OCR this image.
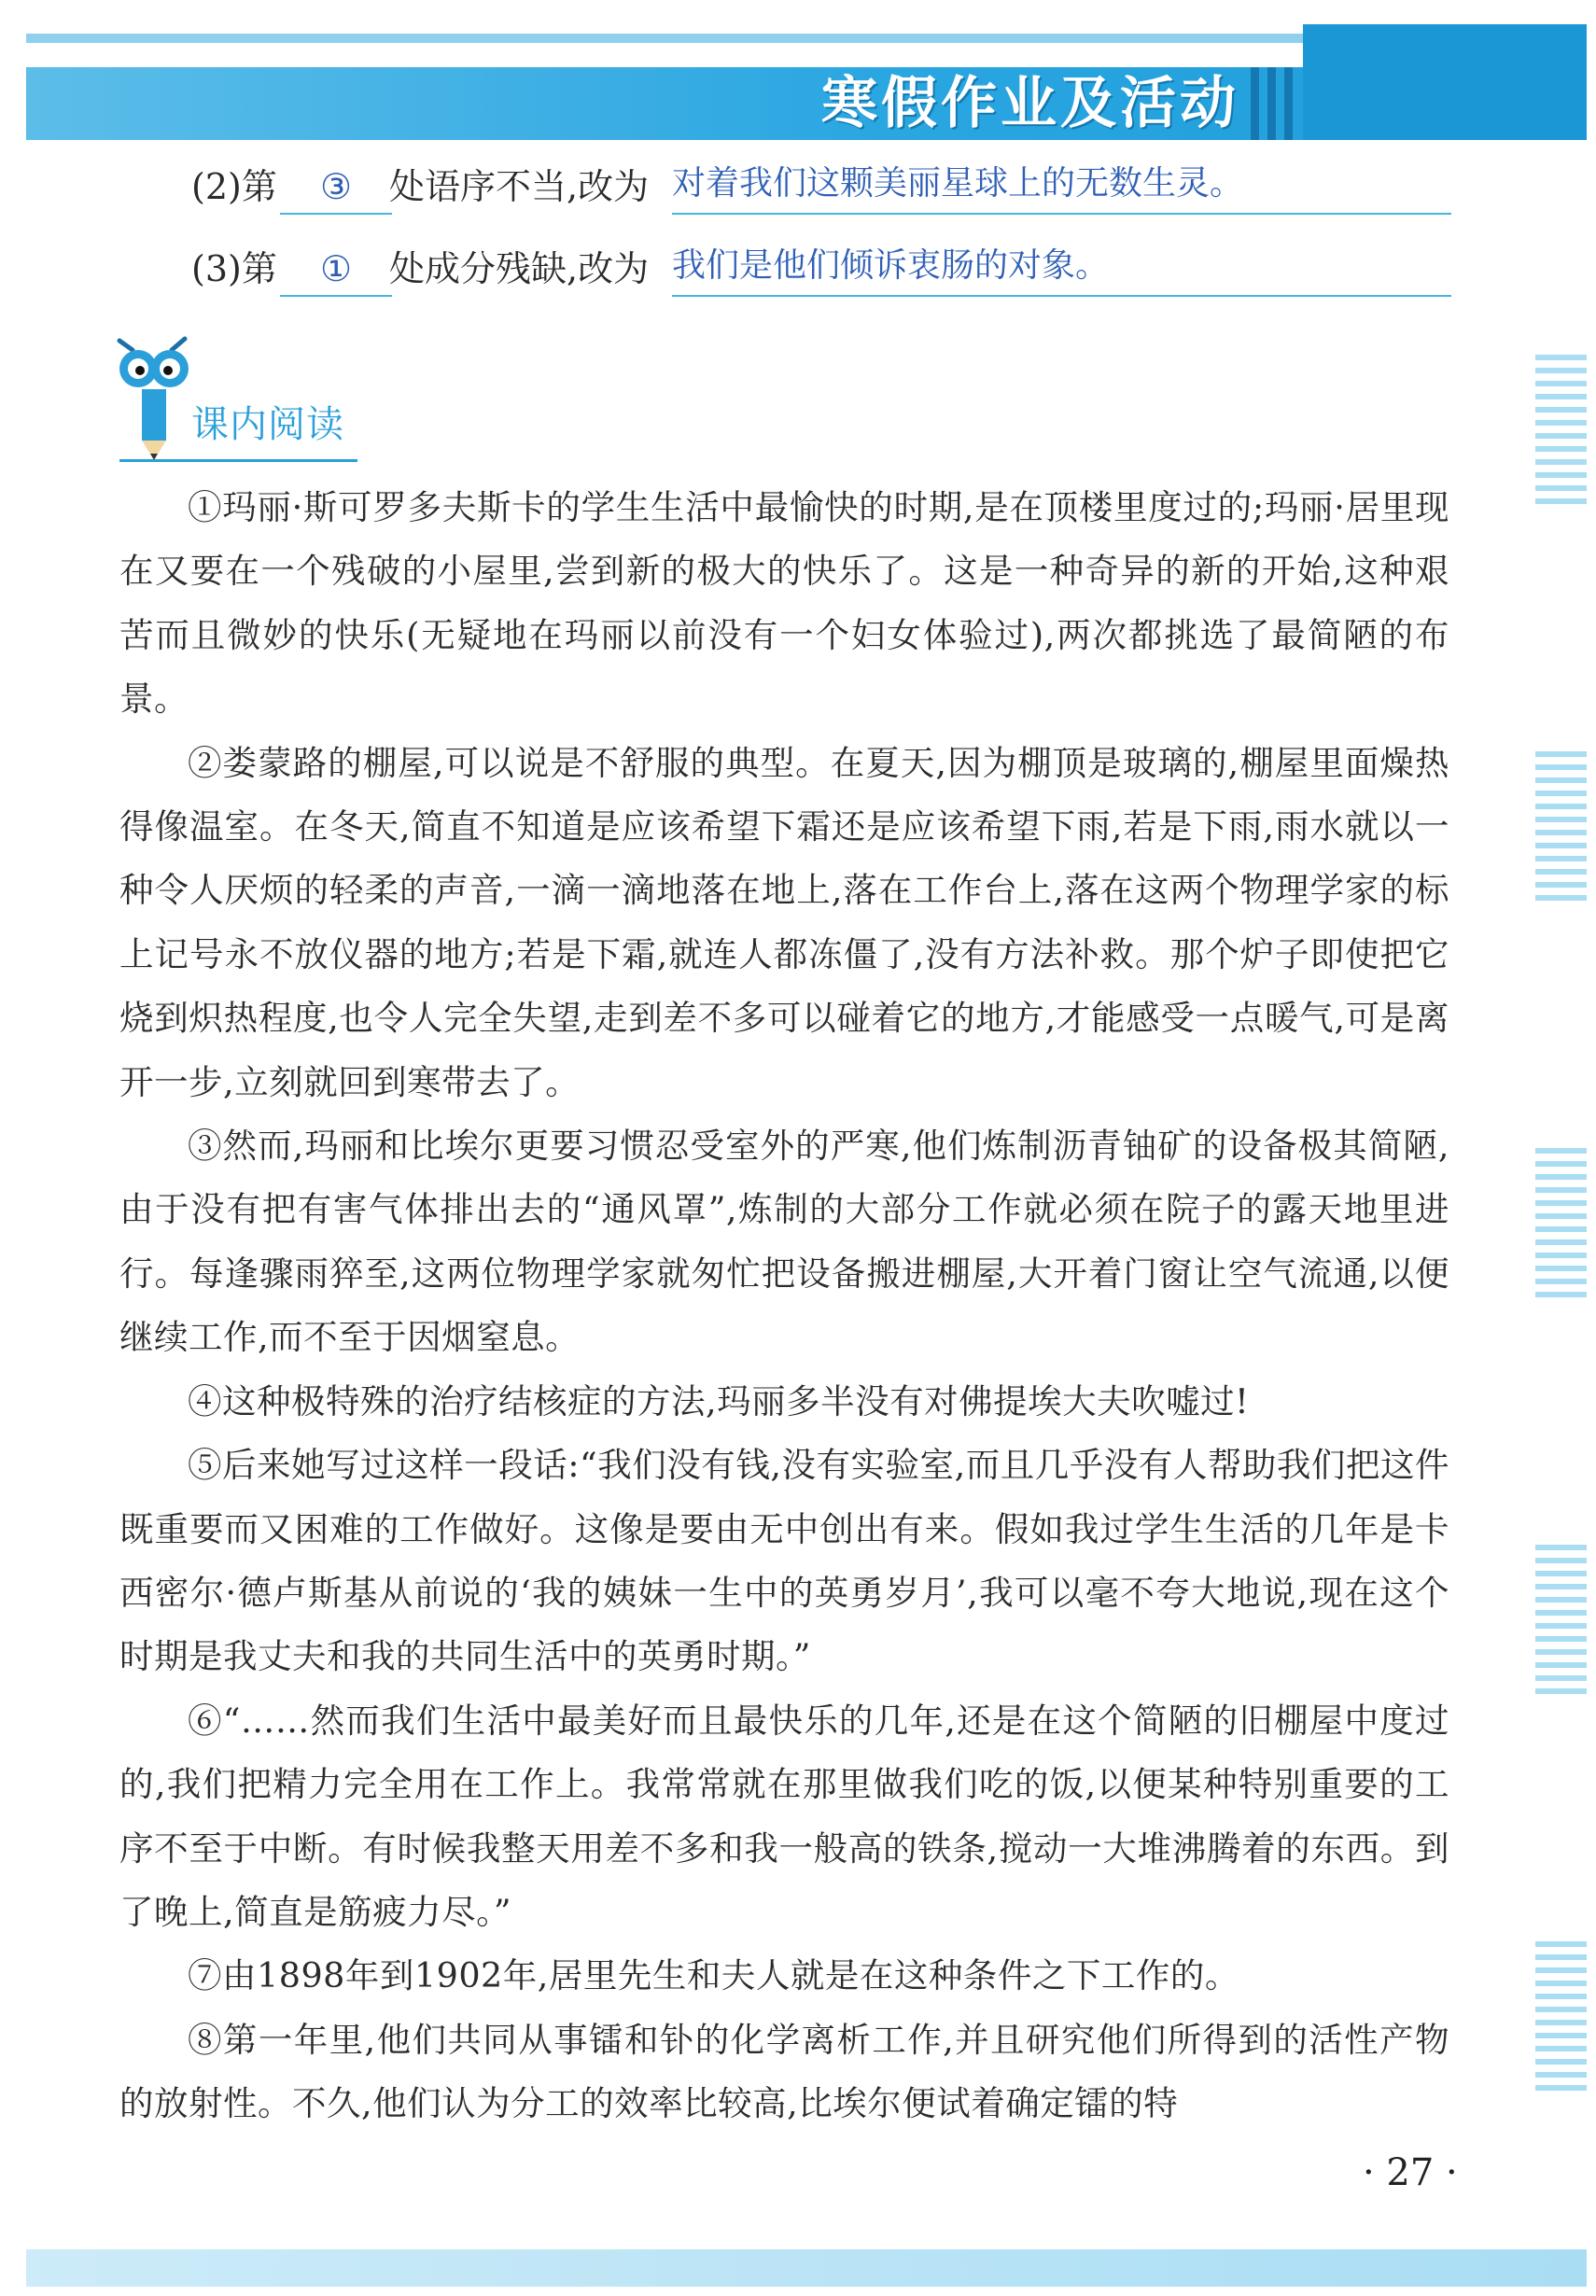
寒假作业及活动
(2)第	③	处语序不当,改为 对着我们这颗美丽星球上的无数生灵。
(3)第	①	处成分残缺,改为 我们是他们倾诉衷肠的对象。
课内阅读

①玛丽·斯可罗多夫斯卡的学生生活中最愉快的时期,是在顶楼里度过的;玛丽·居里现在又要在一个残破的小屋里,尝到新的极大的快乐了。这是一种奇异的新的开始,这种艰苦而且微妙的快乐(无疑地在玛丽以前没有一个妇女体验过),两次都挑选了最简陋的布景。

②娄蒙路的棚屋,可以说是不舒服的典型。在夏天,因为棚顶是玻璃的,棚屋里面燥热得像温室。在冬天,简直不知道是应该希望下霜还是应该希望下雨,若是下雨,雨水就以一种令人厌烦的轻柔的声音,一滴一滴地落在地上,落在工作台上,落在这两个物理学家的标上记号永不放仪器的地方;若是下霜,就连人都冻僵了,没有方法补救。那个炉子即使把它烧到炽热程度,也令人完全失望,走到差不多可以碰着它的地方,才能感受一点暖气,可是离开一步,立刻就回到寒带去了。

③然而,玛丽和比埃尔更要习惯忍受室外的严寒,他们炼制沥青铀矿的设备极其简陋,由于没有把有害气体排出去的“通风罩”,炼制的大部分工作就必须在院子的露天地里进行。每逢骤雨猝至,这两位物理学家就匆忙把设备搬进棚屋,大开着门窗让空气流通,以便继续工作,而不至于因烟窒息。

④这种极特殊的治疗结核症的方法,玛丽多半没有对佛提埃大夫吹嘘过!

⑤后来她写过这样一段话:“我们没有钱,没有实验室,而且几乎没有人帮助我们把这件既重要而又困难的工作做好。这像是要由无中创出有来。假如我过学生生活的几年是卡西密尔·德卢斯基从前说的‘我的姨妹一生中的英勇岁月’,我可以毫不夸大地说,现在这个时期是我丈夫和我的共同生活中的英勇时期。”

⑥“……然而我们生活中最美好而且最快乐的几年,还是在这个简陋的旧棚屋中度过的,我们把精力完全用在工作上。我常常就在那里做我们吃的饭,以便某种特别重要的工序不至于中断。有时候我整天用差不多和我一般高的铁条,搅动一大堆沸腾着的东西。到了晚上,简直是筋疲力尽。”

⑦由1898年到1902年,居里先生和夫人就是在这种条件之下工作的。

⑧第一年里,他们共同从事镭和钋的化学离析工作,并且研究他们所得到的活性产物的放射性。不久,他们认为分工的效率比较高,比埃尔便试着确定镭的特

· 27 ·
